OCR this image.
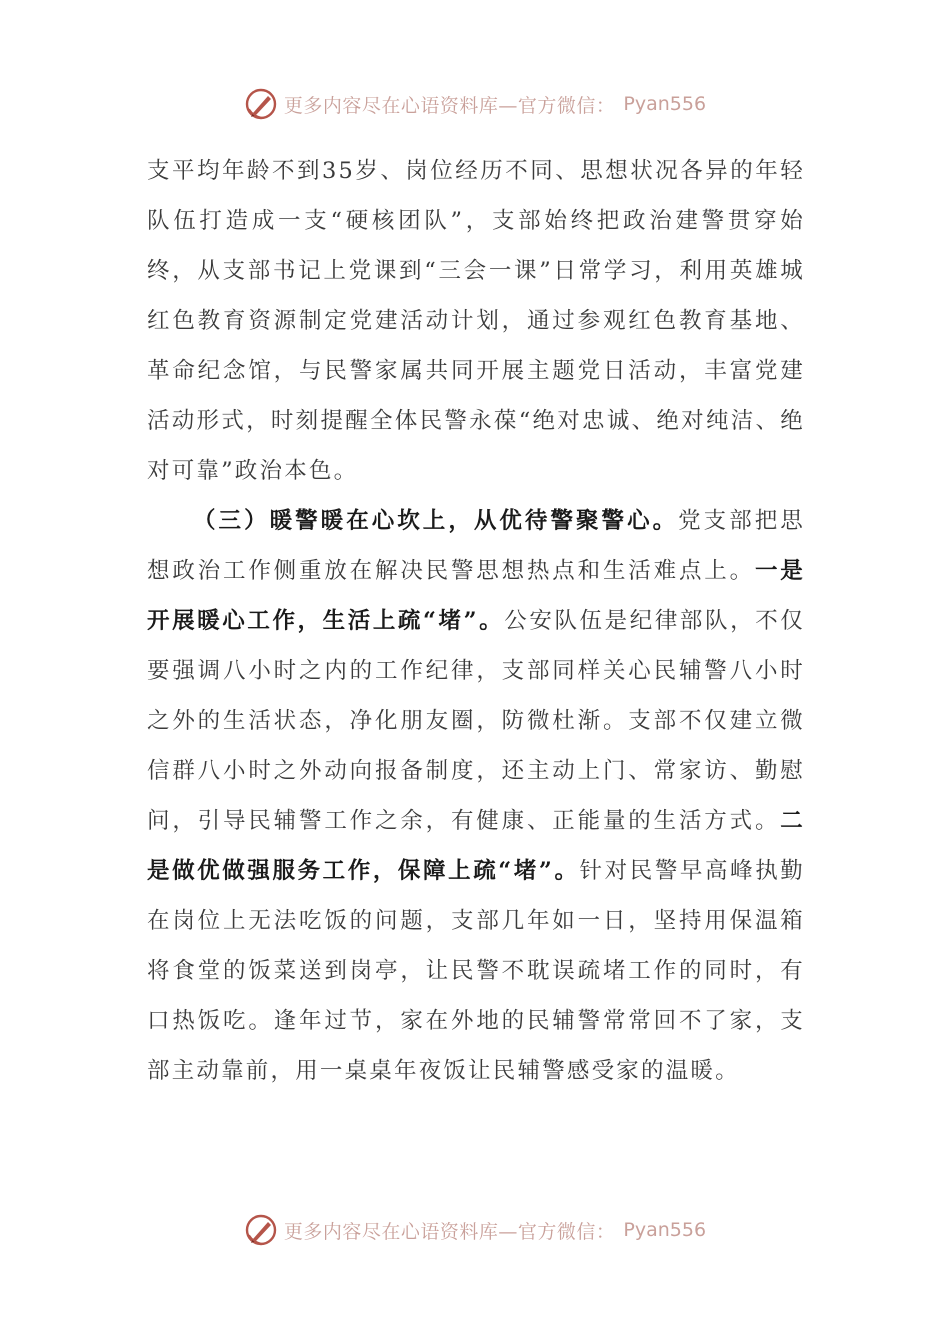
更多内容尽在心语资料库—官方微信： Pyan556

支平均年龄不到35岁、岗位经历不同、思想状况各异的年轻队伍打造成一支“硬核团队”，支部始终把政治建警贯穿始终，从支部书记上党课到“三会一课”日常学习，利用英雄城红色教育资源制定党建活动计划，通过参观红色教育基地、革命纪念馆，与民警家属共同开展主题党日活动，丰富党建活动形式，时刻提醒全体民警永葆“绝对忠诚、绝对纯洁、绝对可靠”政治本色。

（三）暖警暖在心坎上，从优待警聚警心。党支部把思想政治工作侧重放在解决民警思想热点和生活难点上。一是开展暖心工作，生活上疏“堵”。公安队伍是纪律部队，不仅要强调八小时之内的工作纪律，支部同样关心民辅警八小时之外的生活状态，净化朋友圈，防微杜渐。支部不仅建立微信群八小时之外动向报备制度，还主动上门、常家访、勤慰问，引导民辅警工作之余，有健康、正能量的生活方式。二是做优做强服务工作，保障上疏“堵”。针对民警早高峰执勤在岗位上无法吃饭的问题，支部几年如一日，坚持用保温箱将食堂的饭菜送到岗亭，让民警不耽误疏堵工作的同时，有口热饭吃。逢年过节，家在外地的民辅警常常回不了家，支部主动靠前，用一桌桌年夜饭让民辅警感受家的温暖。

更多内容尽在心语资料库—官方微信： Pyan556
